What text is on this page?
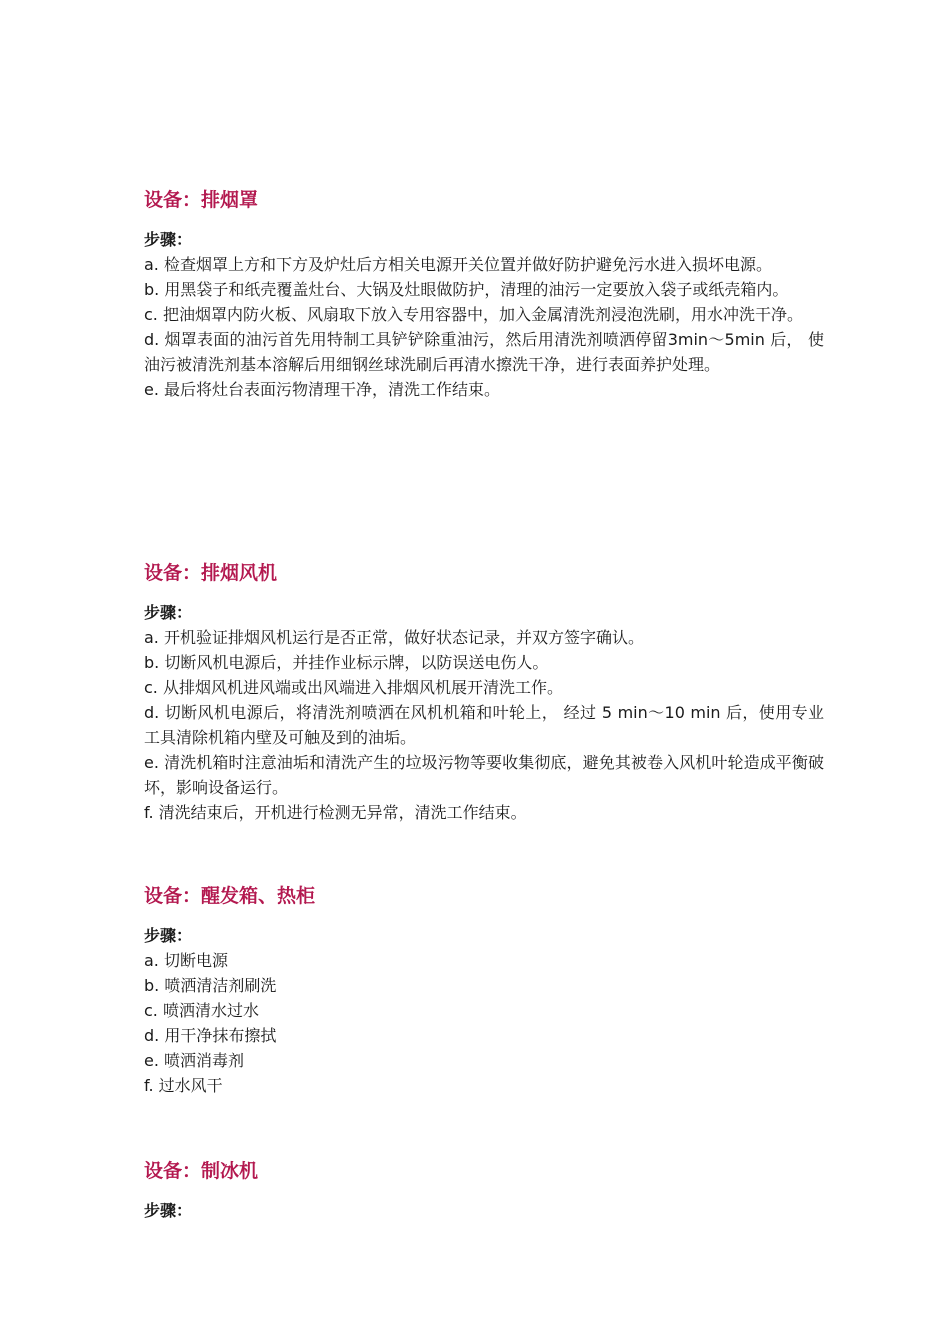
设备：排烟罩
步骤：

a. 检查烟罩上方和下方及炉灶后方相关电源开关位置并做好防护避免污水进入损坏电源。

b. 用黑袋子和纸壳覆盖灶台、大锅及灶眼做防护，清理的油污一定要放入袋子或纸壳箱内。

c. 把油烟罩内防火板、风扇取下放入专用容器中，加入金属清洗剂浸泡洗刷，用水冲洗干净。

d. 烟罩表面的油污首先用特制工具铲铲除重油污，然后用清洗剂喷洒停留3min～5min 后， 使油污被清洗剂基本溶解后用细钢丝球洗刷后再清水擦洗干净，进行表面养护处理。

e. 最后将灶台表面污物清理干净，清洗工作结束。

设备：排烟风机
步骤：

a. 开机验证排烟风机运行是否正常，做好状态记录，并双方签字确认。

b. 切断风机电源后，并挂作业标示牌，以防误送电伤人。

c. 从排烟风机进风端或出风端进入排烟风机展开清洗工作。

d. 切断风机电源后，将清洗剂喷洒在风机机箱和叶轮上， 经过 5 min～10 min 后，使用专业 工具清除机箱内壁及可触及到的油垢。

e. 清洗机箱时注意油垢和清洗产生的垃圾污物等要收集彻底，避免其被卷入风机叶轮造成平衡破坏，影响设备运行。

f. 清洗结束后，开机进行检测无异常，清洗工作结束。

设备：醒发箱、热柜
步骤：

a. 切断电源

b. 喷洒清洁剂刷洗

c. 喷洒清水过水

d. 用干净抹布擦拭

e. 喷洒消毒剂

f. 过水风干

设备：制冰机
步骤：
